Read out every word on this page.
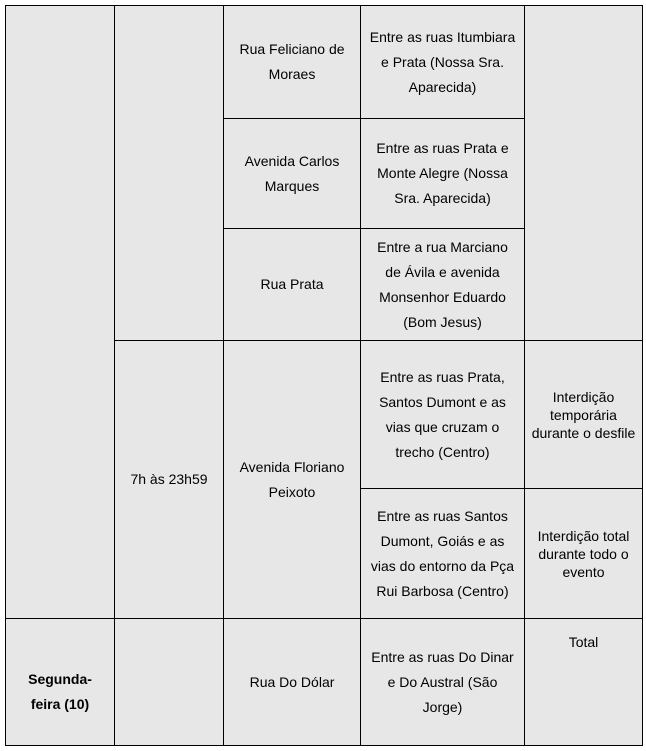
		Rua Feliciano de Moraes	Entre as ruas Itumbiara e Prata (Nossa Sra. Aparecida)	

		Avenida Carlos Marques	Entre as ruas Prata e Monte Alegre (Nossa Sra. Aparecida)	

		Rua Prata	Entre a rua Marciano de Ávila e avenida Monsenhor Eduardo (Bom Jesus)	

	7h às 23h59	Avenida Floriano Peixoto	Entre as ruas Prata, Santos Dumont e as vias que cruzam o trecho (Centro)	Interdição temporária durante o desfile

			Entre as ruas Santos Dumont, Goiás e as vias do entorno da Pça Rui Barbosa (Centro)	Interdição total durante todo o evento

Segunda-feira (10)		Rua Do Dólar	Entre as ruas Do Dinar e Do Austral (São Jorge)	Total
